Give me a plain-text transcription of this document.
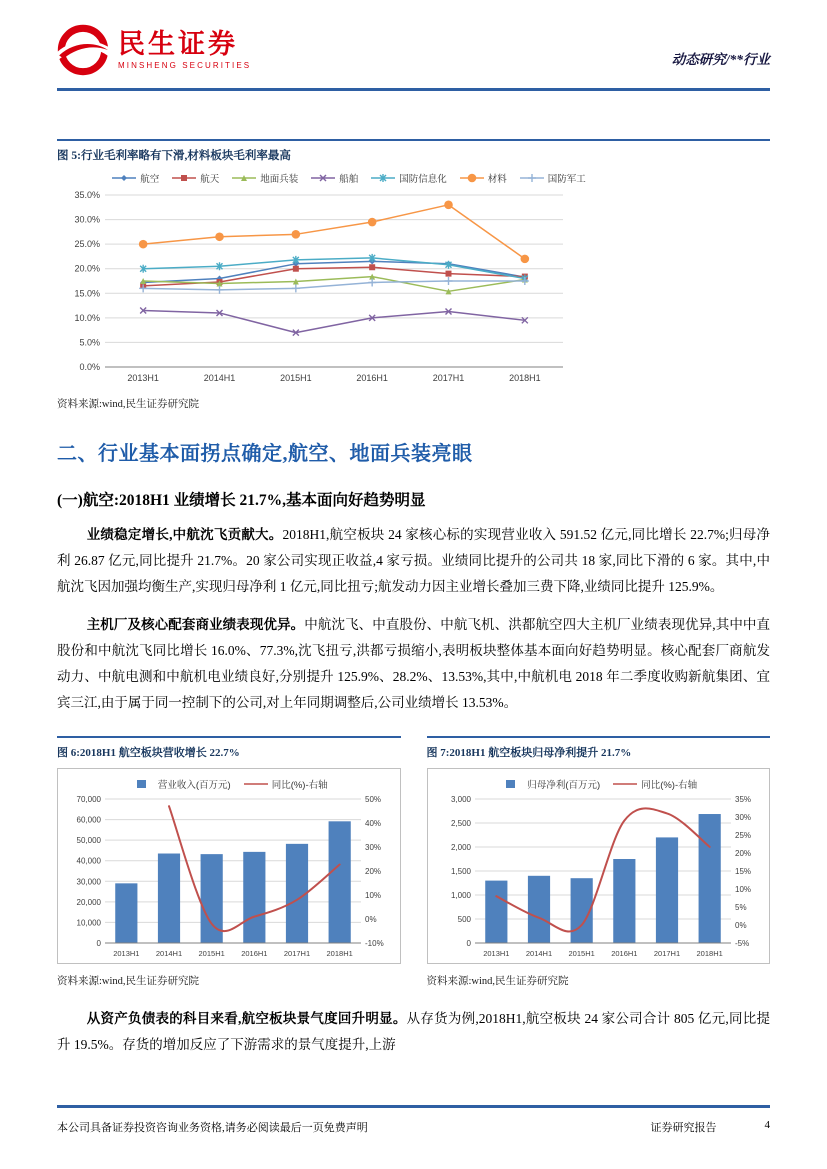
民生证券
MINSHENG SECURITIES	动态研究/**行业
图 5:行业毛利率略有下滑,材料板块毛利率最高
航空	航天	地面兵装	船舶	国防信息化	材料	国防军工
0.0%
5.0%
10.0%
15.0%
20.0%
25.0%
30.0%
35.0%
2013H1	2014H1	2015H1	2016H1	2017H1	2018H1
资料来源:wind,民生证券研究院
二、行业基本面拐点确定,航空、地面兵装亮眼
(一)航空:2018H1 业绩增长 21.7%,基本面向好趋势明显

业绩稳定增长,中航沈飞贡献大。2018H1,航空板块 24 家核心标的实现营业收入 591.52 亿元,同比增长 22.7%;归母净利 26.87 亿元,同比提升 21.7%。20 家公司实现正收益,4 家亏损。业绩同比提升的公司共 18 家,同比下滑的 6 家。其中,中航沈飞因加强均衡生产,实现归母净利 1 亿元,同比扭亏;航发动力因主业增长叠加三费下降,业绩同比提升 125.9%。

主机厂及核心配套商业绩表现优异。中航沈飞、中直股份、中航飞机、洪都航空四大主机厂业绩表现优异,其中中直股份和中航沈飞同比增长 16.0%、77.3%,沈飞扭亏,洪都亏损缩小,表明板块整体基本面向好趋势明显。核心配套厂商航发动力、中航电测和中航机电业绩良好,分别提升 125.9%、28.2%、13.53%,其中,中航机电 2018 年二季度收购新航集团、宜宾三江,由于属于同一控制下的公司,对上年同期调整后,公司业绩增长 13.53%。

图 6:2018H1 航空板块营收增长 22.7%
营业收入(百万元)	同比(%)-右轴
0
10,000
20,000
30,000
40,000
50,000
60,000
70,000
-10%
0%
10%
20%
30%
40%
50%
2013H1 2014H1 2015H1 2016H1 2017H1 2018H1
资料来源:wind,民生证券研究院
图 7:2018H1 航空板块归母净利提升 21.7%
归母净利(百万元)	同比(%)-右轴
0
500
1,000
1,500
2,000
2,500
3,000
-5%
0%
5%
10%
15%
20%
25%
30%
35%
2013H1 2014H1 2015H1 2016H1 2017H1 2018H1
资料来源:wind,民生证券研究院

从资产负债表的科目来看,航空板块景气度回升明显。从存货为例,2018H1,航空板块 24 家公司合计 805 亿元,同比提升 19.5%。存货的增加反应了下游需求的景气度提升,上游

本公司具备证券投资咨询业务资格,请务必阅读最后一页免费声明	证券研究报告	4
